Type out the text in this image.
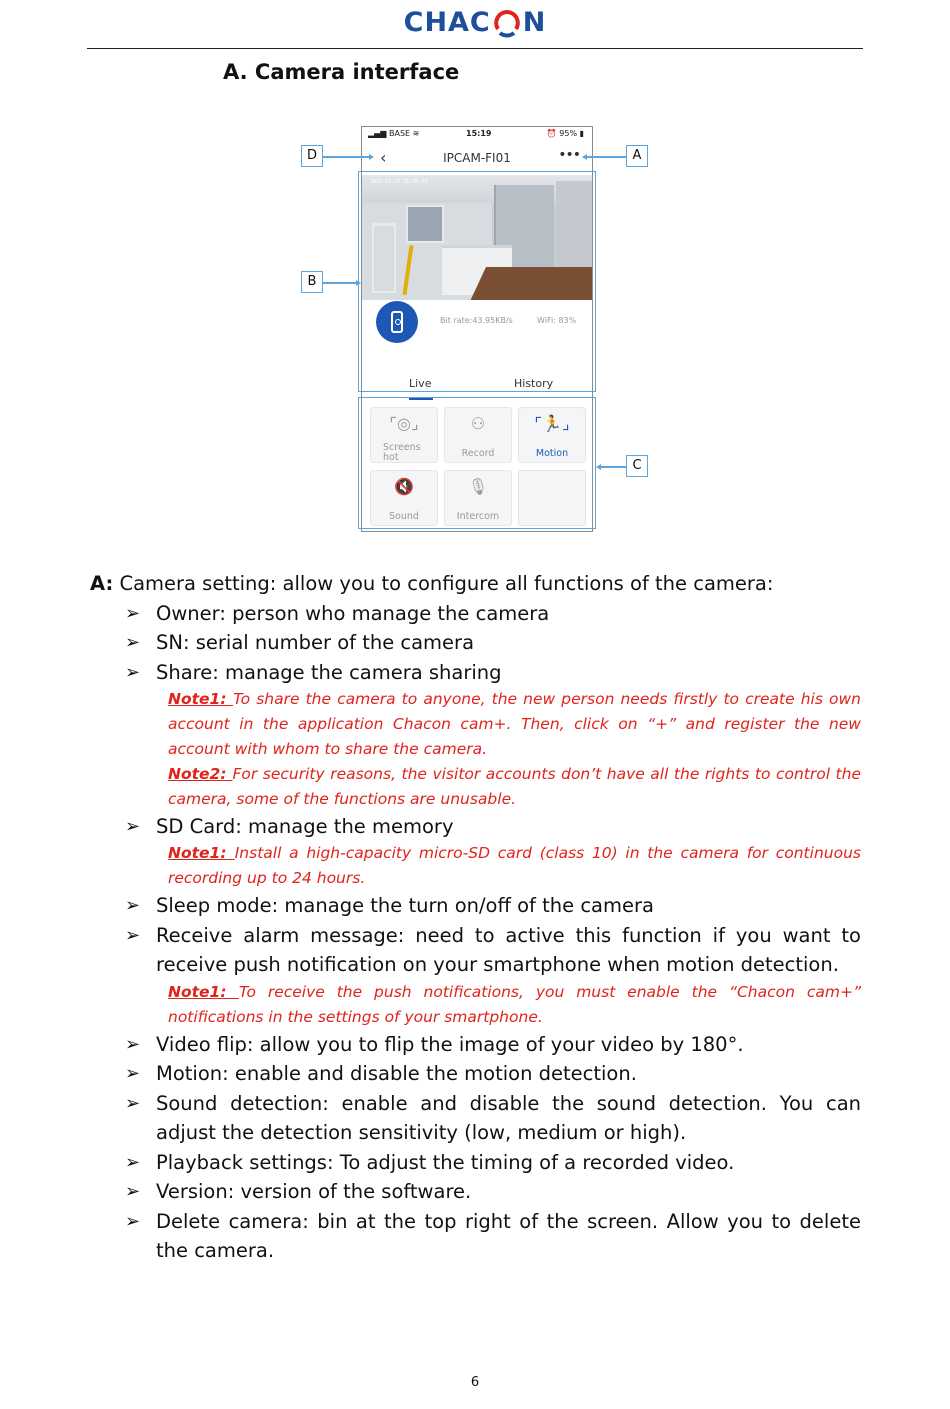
CHAC N
A. Camera interface
▂▄▆ BASE ≋	15:19	⏰ 95% ▮
‹	IPCAM-FI01	•••
2018-11-29 15:20:43
Bit rate:43.95KB/s	WiFi: 83%
Live	History
⌜◎⌟
Screens
hot
⚇
Record
⌜🏃⌟
Motion
🔇
Sound
🎙
Intercom
D
B
A
C
A: Camera setting: allow you to configure all functions of the camera:
➢ Owner: person who manage the camera
➢ SN: serial number of the camera
➢ Share: manage the camera sharing
Note1: To share the camera to anyone, the new person needs firstly to create his own account in the application Chacon cam+. Then, click on “+” and register the new account with whom to share the camera.
Note2: For security reasons, the visitor accounts don’t have all the rights to control the camera, some of the functions are unusable.
➢ SD Card: manage the memory
Note1: Install a high-capacity micro-SD card (class 10) in the camera for continuous recording up to 24 hours.
➢ Sleep mode: manage the turn on/off of the camera
➢ Receive alarm message: need to active this function if you want to receive push notification on your smartphone when motion detection.
Note1: To receive the push notifications, you must enable the “Chacon cam+” notifications in the settings of your smartphone.
➢ Video flip: allow you to flip the image of your video by 180°.
➢ Motion: enable and disable the motion detection.
➢ Sound detection: enable and disable the sound detection. You can adjust the detection sensitivity (low, medium or high).
➢ Playback settings: To adjust the timing of a recorded video.
➢ Version: version of the software.
➢ Delete camera: bin at the top right of the screen. Allow you to delete the camera.
6
